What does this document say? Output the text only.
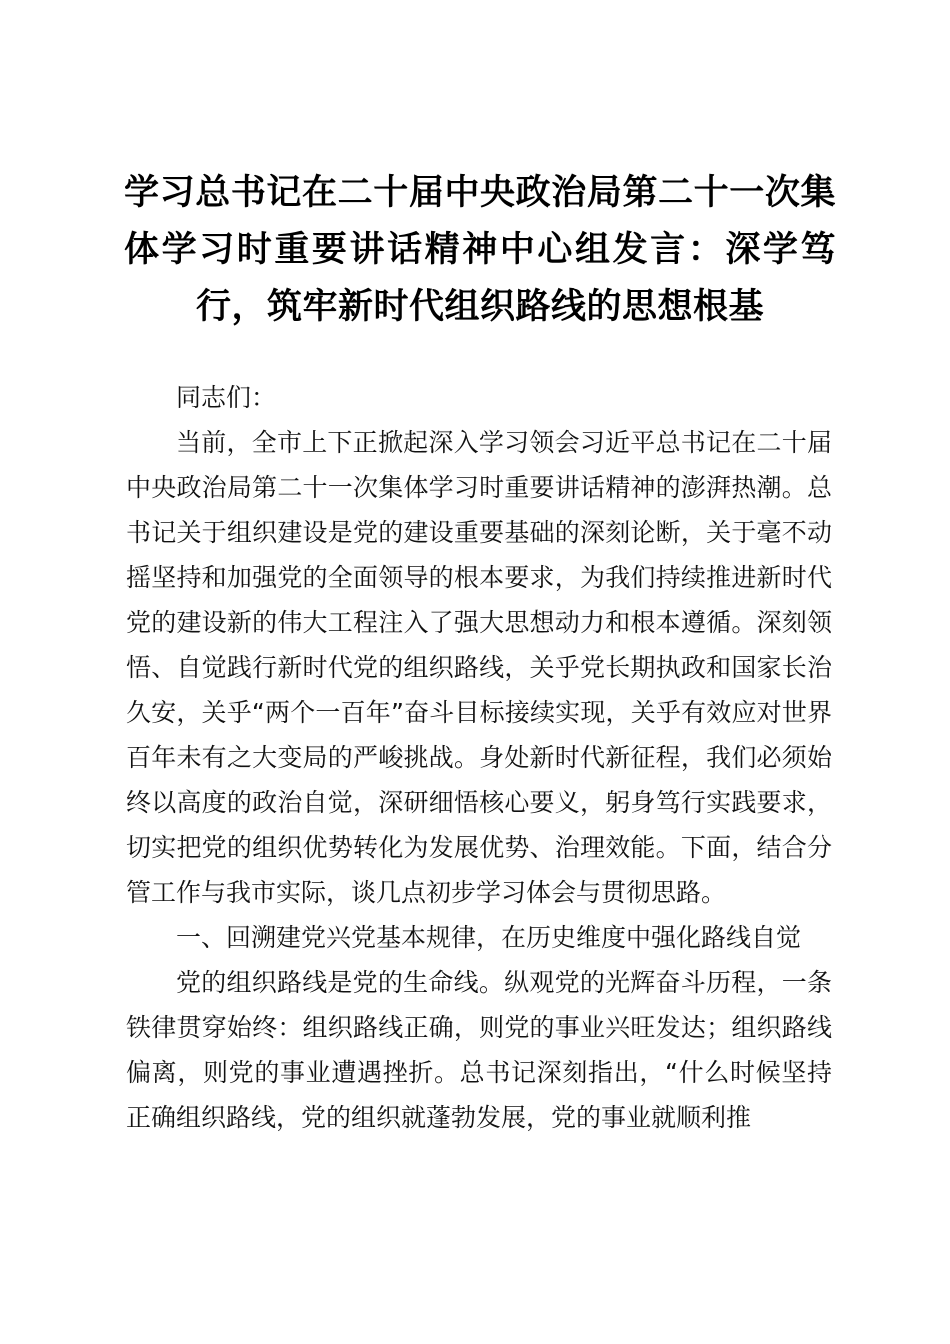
学习总书记在二十届中央政治局第二十一次集体学习时重要讲话精神中心组发言：深学笃行，筑牢新时代组织路线的思想根基

同志们：

当前，全市上下正掀起深入学习领会习近平总书记在二十届中央政治局第二十一次集体学习时重要讲话精神的澎湃热潮。总书记关于组织建设是党的建设重要基础的深刻论断，关于毫不动摇坚持和加强党的全面领导的根本要求，为我们持续推进新时代党的建设新的伟大工程注入了强大思想动力和根本遵循。深刻领悟、自觉践行新时代党的组织路线，关乎党长期执政和国家长治久安，关乎“两个一百年”奋斗目标接续实现，关乎有效应对世界百年未有之大变局的严峻挑战。身处新时代新征程，我们必须始终以高度的政治自觉，深研细悟核心要义，躬身笃行实践要求，切实把党的组织优势转化为发展优势、治理效能。下面，结合分管工作与我市实际，谈几点初步学习体会与贯彻思路。

一、回溯建党兴党基本规律，在历史维度中强化路线自觉

党的组织路线是党的生命线。纵观党的光辉奋斗历程，一条铁律贯穿始终：组织路线正确，则党的事业兴旺发达；组织路线偏离，则党的事业遭遇挫折。总书记深刻指出，“什么时候坚持正确组织路线，党的组织就蓬勃发展，党的事业就顺利推
